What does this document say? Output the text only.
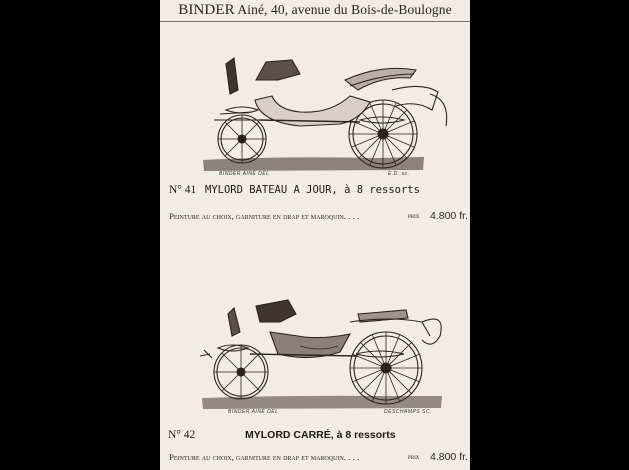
BINDER Ainé, 40, avenue du Bois-de-Boulogne
BINDER AINÉ DEL	E.D. sc.
N° 41 MYLORD BATEAU A JOUR, à 8 ressorts
Peinture au choix, garniture en drap et maroquin. . . .	prix 4.800 fr.
BINDER AINÉ DEL	DESCHAMPS SC.
N° 42	MYLORD CARRÉ, à 8 ressorts
Peinture au choix, garniture en drap et maroquin. . . .	prix 4.800 fr.
